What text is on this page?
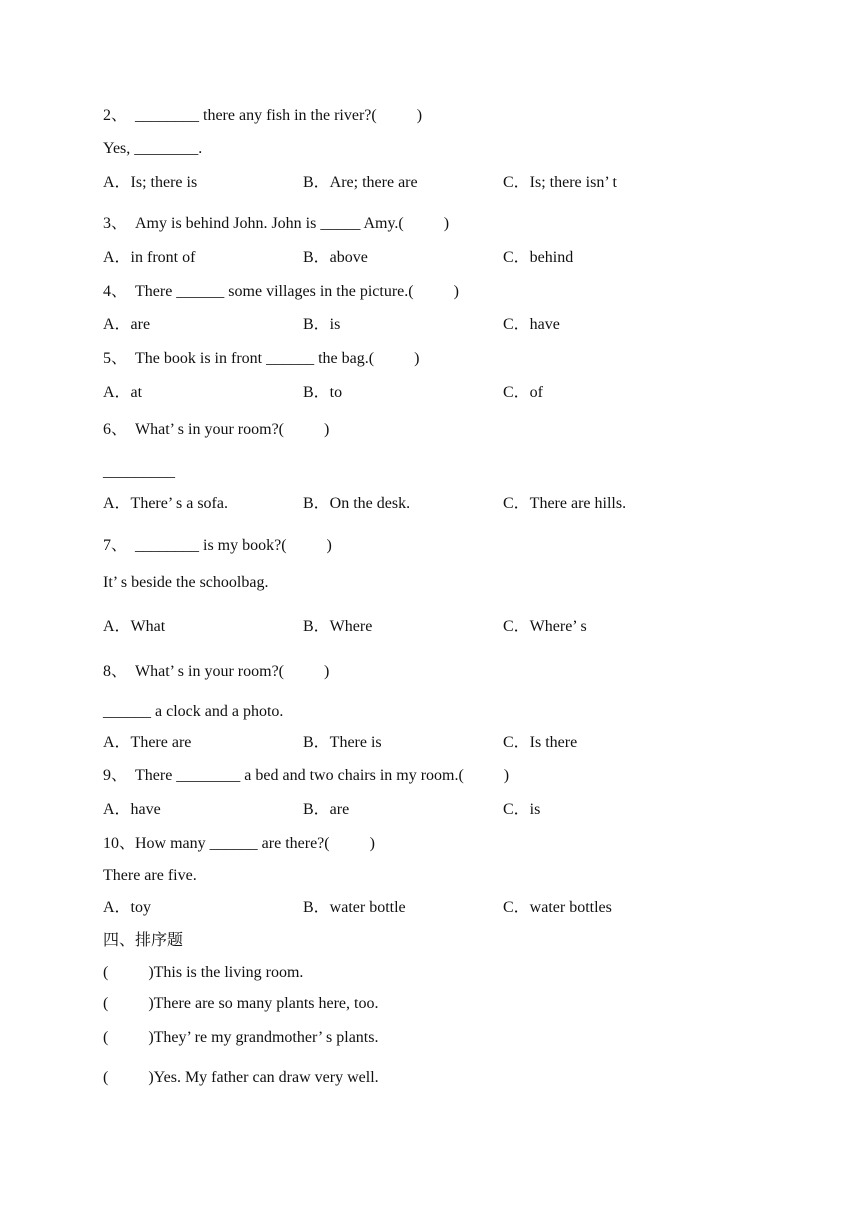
2、  ________ there any fish in the river?(          )
Yes, ________.
A．Is; there is	B．Are; there are	C．Is; there isn’ t
3、  Amy is behind John. John is _____ Amy.(          )
A．in front of	B．above	C．behind
4、  There ______ some villages in the picture.(          )
A．are	B．is	C．have
5、  The book is in front ______ the bag.(          )
A．at	B．to	C．of
6、  What’ s in your room?(          )
_________
A．There’ s a sofa.	B．On the desk.	C．There are hills.
7、  ________ is my book?(          )
It’ s beside the schoolbag.
A．What	B．Where	C．Where’ s
8、  What’ s in your room?(          )
______ a clock and a photo.
A．There are	B．There is	C．Is there
9、  There ________ a bed and two chairs in my room.(          )
A．have	B．are	C．is
10、How many ______ are there?(          )
There are five.
A．toy	B．water bottle	C．water bottles
四、排序题
(          )This is the living room.
(          )There are so many plants here, too.
(          )They’ re my grandmother’ s plants.
(          )Yes. My father can draw very well.
